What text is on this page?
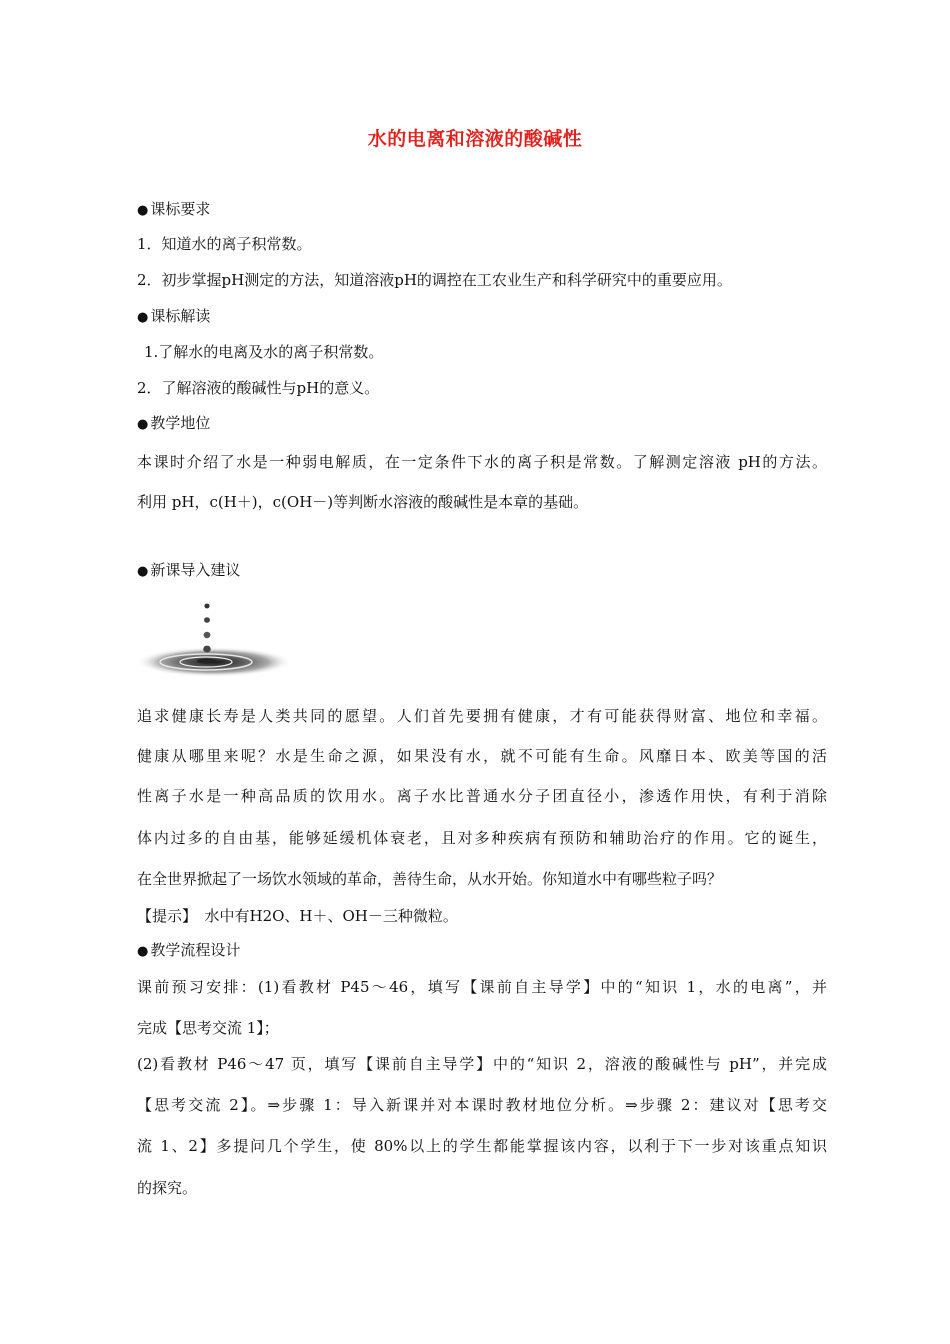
水的电离和溶液的酸碱性
● 课标要求
1．知道水的离子积常数。
2．初步掌握pH测定的方法，知道溶液pH的调控在工农业生产和科学研究中的重要应用。
● 课标解读
1.了解水的电离及水的离子积常数。
2．了解溶液的酸碱性与pH的意义。
● 教学地位
本课时介绍了水是一种弱电解质，在一定条件下水的离子积是常数。了解测定溶液 pH的方法。
利用 pH，c(H＋)，c(OH－)等判断水溶液的酸碱性是本章的基础。
● 新课导入建议
追求健康长寿是人类共同的愿望。人们首先要拥有健康，才有可能获得财富、地位和幸福。
健康从哪里来呢？水是生命之源，如果没有水，就不可能有生命。风靡日本、欧美等国的活
性离子水是一种高品质的饮用水。离子水比普通水分子团直径小，渗透作用快，有利于消除
体内过多的自由基，能够延缓机体衰老，且对多种疾病有预防和辅助治疗的作用。它的诞生，
在全世界掀起了一场饮水领域的革命，善待生命，从水开始。你知道水中有哪些粒子吗？
【提示】　水中有H2O、H＋、OH－三种微粒。
● 教学流程设计
课前预习安排：(1)看教材 P45～46，填写【课前自主导学】中的“知识 1，水的电离”，并
完成【思考交流 1】；
(2)看教材 P46～47 页，填写【课前自主导学】中的“知识 2，溶液的酸碱性与 pH”，并完成
【思考交流 2】。⇒步骤 1：导入新课并对本课时教材地位分析。⇒步骤 2：建议对【思考交
流 1、2】多提问几个学生，使 80%以上的学生都能掌握该内容，以利于下一步对该重点知识
的探究。
